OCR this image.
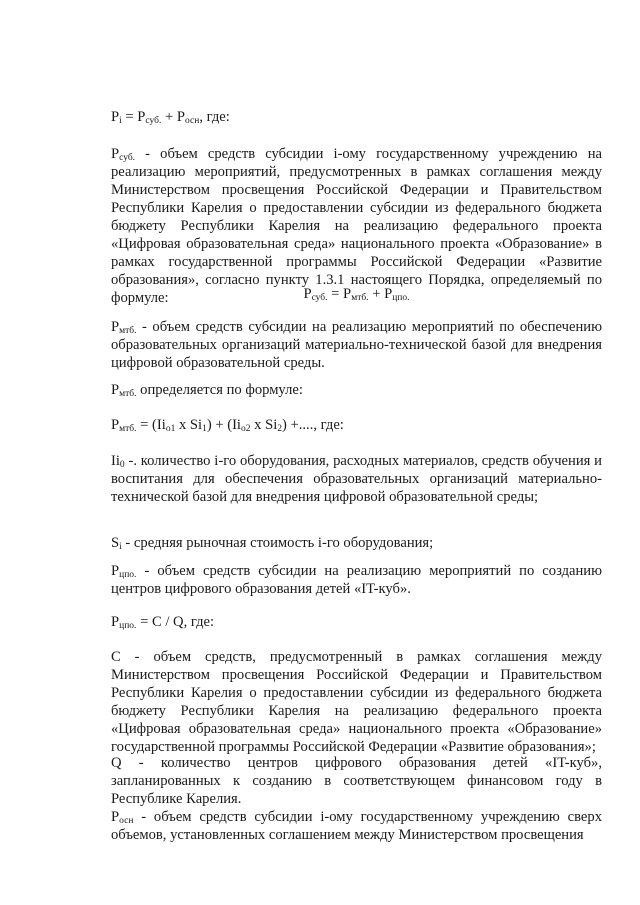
$P_i = P_{суб.} + P_{осн}$, где:

$P_{суб.}$ - объем средств субсидии i-ому государственному учреждению на реализацию мероприятий, предусмотренных в рамках соглашения между Министерством просвещения Российской Федерации и Правительством Республики Карелия о предоставлении субсидии из федерального бюджета бюджету Республики Карелия на реализацию федерального проекта «Цифровая образовательная среда» национального проекта «Образование» в рамках государственной программы Российской Федерации «Развитие образования», согласно пункту 1.3.1 настоящего Порядка, определяемый по формуле:	$P_{суб.} = P_{мтб.} + P_{цпо.}$

$P_{мтб.}$ - объем средств субсидии на реализацию мероприятий по обеспечению образовательных организаций материально-технической базой для внедрения цифровой образовательной среды.

$P_{мтб.}$ определяется по формуле:

$P_{мтб.} = (Ii_{о1}$ x $Si_1) + (Ii_{о2}$ x $Si_2$) +...., где:

$Ii_0$ -. количество i-го оборудования, расходных материалов, средств обучения и воспитания для обеспечения образовательных организаций материально-технической базой для внедрения цифровой образовательной среды;

$S_i$ - средняя рыночная стоимость i-го оборудования;

$P_{цпо.}$ - объем средств субсидии на реализацию мероприятий по созданию центров цифрового образования детей «IT-куб».

$P_{цпо.} = C / Q$, где:

C - объем средств, предусмотренный в рамках соглашения между Министерством просвещения Российской Федерации и Правительством Республики Карелия о предоставлении субсидии из федерального бюджета бюджету Республики Карелия на реализацию федерального проекта «Цифровая образовательная среда» национального проекта «Образование» государственной программы Российской Федерации «Развитие образования»;

Q - количество центров цифрового образования детей «IT-куб», запланированных к созданию в соответствующем финансовом году в Республике Карелия.

$P_{осн}$ - объем средств субсидии i-ому государственному учреждению сверх объемов, установленных соглашением между Министерством просвещения
